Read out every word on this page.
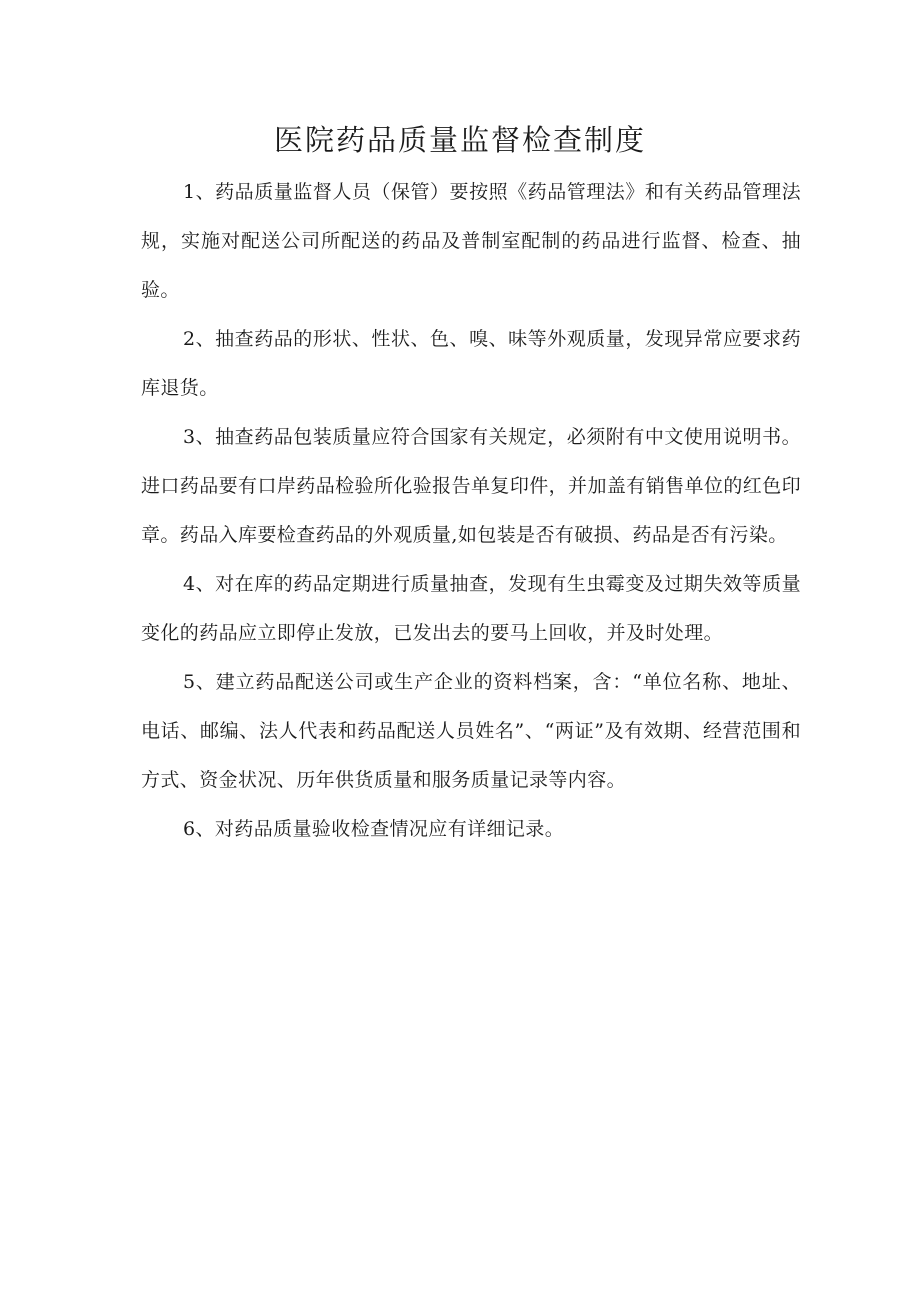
医院药品质量监督检查制度

1、药品质量监督人员（保管）要按照《药品管理法》和有关药品管理法规，实施对配送公司所配送的药品及普制室配制的药品进行监督、检查、抽验。

2、抽查药品的形状、性状、色、嗅、味等外观质量，发现异常应要求药库退货。

3、抽查药品包装质量应符合国家有关规定，必须附有中文使用说明书。进口药品要有口岸药品检验所化验报告单复印件，并加盖有销售单位的红色印章。药品入库要检查药品的外观质量,如包装是否有破损、药品是否有污染。

4、对在库的药品定期进行质量抽查，发现有生虫霉变及过期失效等质量变化的药品应立即停止发放，已发出去的要马上回收，并及时处理。

5、建立药品配送公司或生产企业的资料档案，含：“单位名称、地址、电话、邮编、法人代表和药品配送人员姓名”、“两证”及有效期、经营范围和方式、资金状况、历年供货质量和服务质量记录等内容。

6、对药品质量验收检查情况应有详细记录。
